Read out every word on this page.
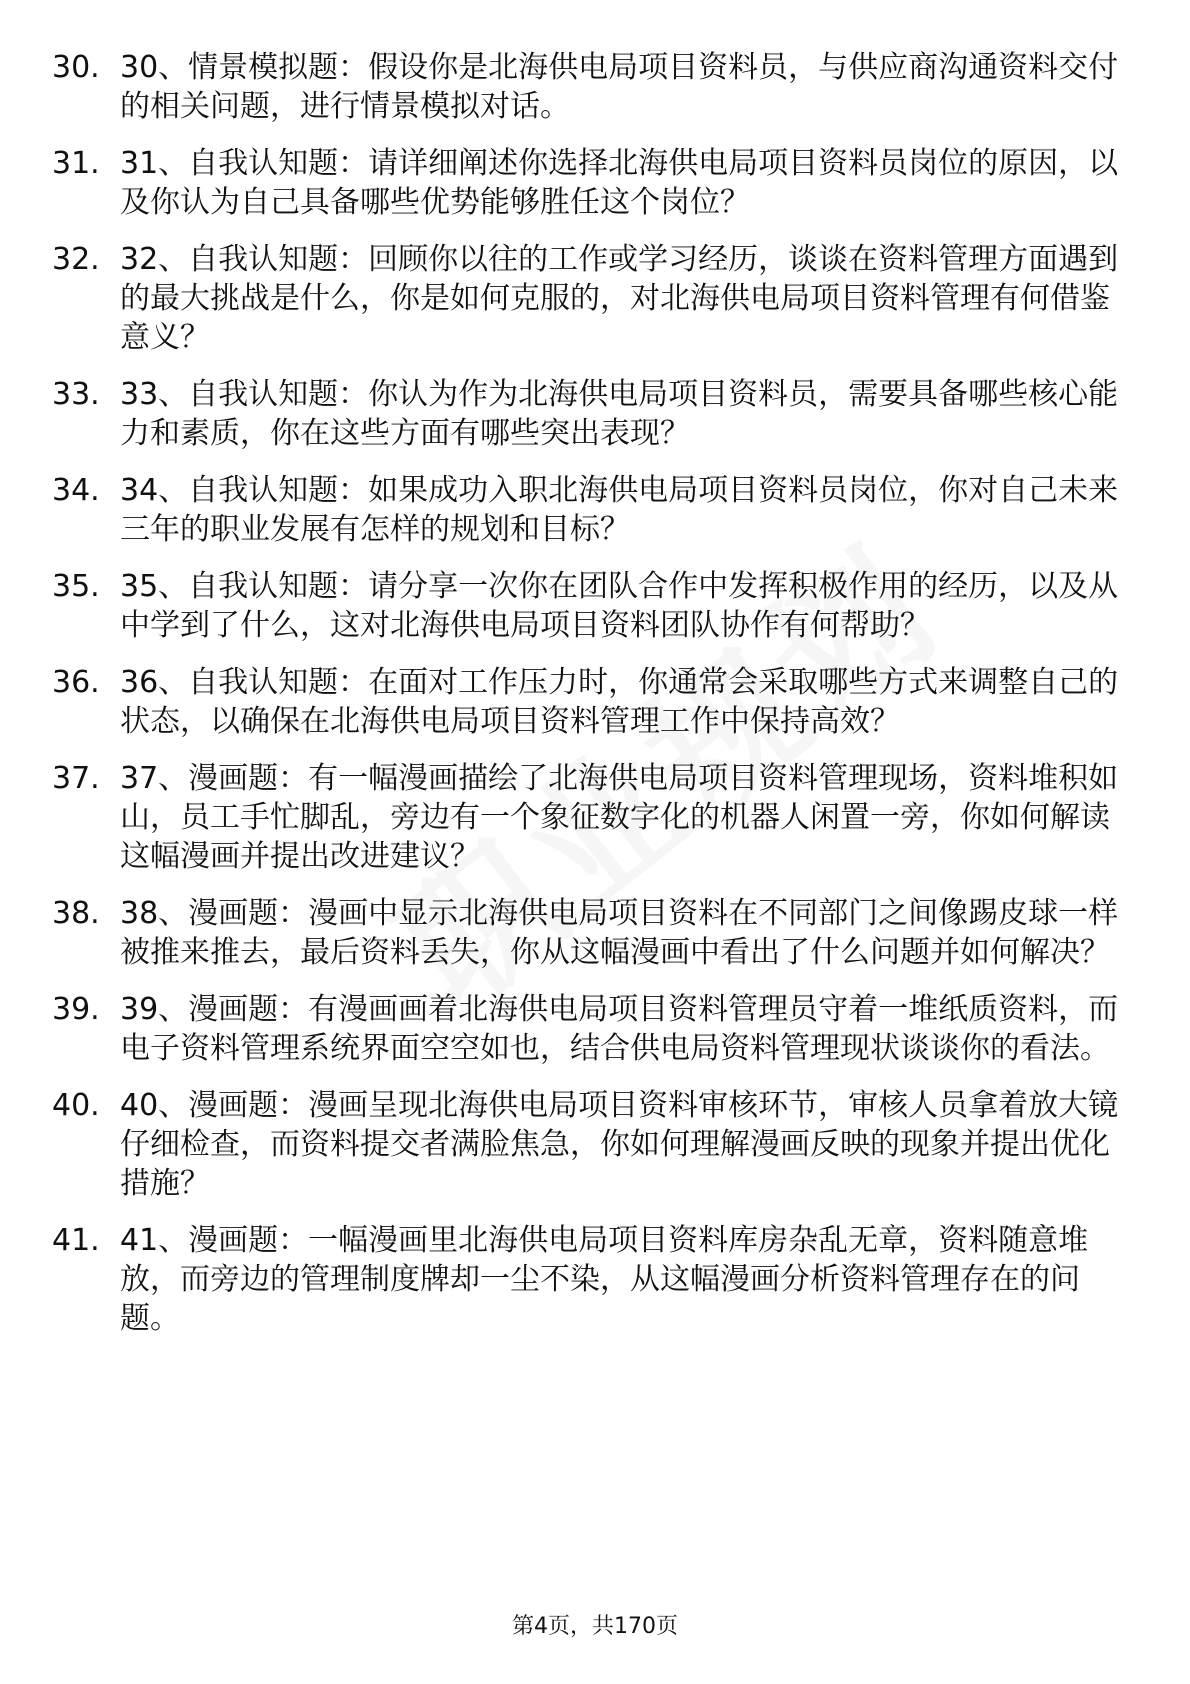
30. 30、情景模拟题：假设你是北海供电局项目资料员，与供应商沟通资料交付的相关问题，进行情景模拟对话。
31. 31、自我认知题：请详细阐述你选择北海供电局项目资料员岗位的原因，以及你认为自己具备哪些优势能够胜任这个岗位？
32. 32、自我认知题：回顾你以往的工作或学习经历，谈谈在资料管理方面遇到的最大挑战是什么，你是如何克服的，对北海供电局项目资料管理有何借鉴意义？
33. 33、自我认知题：你认为作为北海供电局项目资料员，需要具备哪些核心能力和素质，你在这些方面有哪些突出表现？
34. 34、自我认知题：如果成功入职北海供电局项目资料员岗位，你对自己未来三年的职业发展有怎样的规划和目标？
35. 35、自我认知题：请分享一次你在团队合作中发挥积极作用的经历，以及从中学到了什么，这对北海供电局项目资料团队协作有何帮助？
36. 36、自我认知题：在面对工作压力时，你通常会采取哪些方式来调整自己的状态，以确保在北海供电局项目资料管理工作中保持高效？
37. 37、漫画题：有一幅漫画描绘了北海供电局项目资料管理现场，资料堆积如山，员工手忙脚乱，旁边有一个象征数字化的机器人闲置一旁，你如何解读这幅漫画并提出改进建议？
38. 38、漫画题：漫画中显示北海供电局项目资料在不同部门之间像踢皮球一样被推来推去，最后资料丢失，你从这幅漫画中看出了什么问题并如何解决？
39. 39、漫画题：有漫画画着北海供电局项目资料管理员守着一堆纸质资料，而电子资料管理系统界面空空如也，结合供电局资料管理现状谈谈你的看法。
40. 40、漫画题：漫画呈现北海供电局项目资料审核环节，审核人员拿着放大镜仔细检查，而资料提交者满脸焦急，你如何理解漫画反映的现象并提出优化措施？
41. 41、漫画题：一幅漫画里北海供电局项目资料库房杂乱无章，资料随意堆放，而旁边的管理制度牌却一尘不染，从这幅漫画分析资料管理存在的问题。
第4页，共170页
